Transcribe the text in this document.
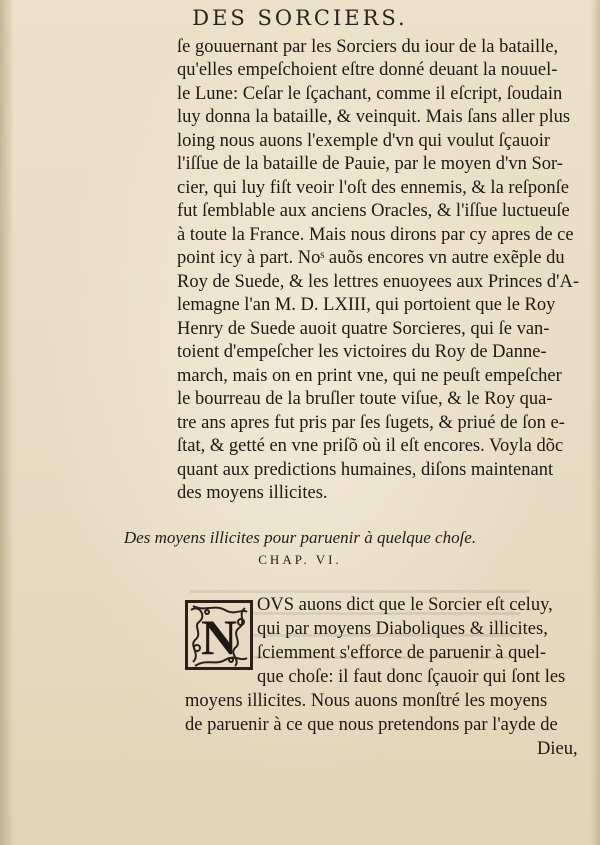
DES SORCIERS.
ſe gouuernant par les Sorciers du iour de la bataille,
qu'elles empeſchoient eſtre donné deuant la nouuel-
le Lune: Ceſar le ſçachant, comme il eſcript, ſoudain
luy donna la bataille, & veinquit. Mais ſans aller plus
loing nous auons l'exemple d'vn qui voulut ſçauoir
l'iſſue de la bataille de Pauie, par le moyen d'vn Sor-
cier, qui luy fiſt veoir l'oſt des ennemis, & la reſponſe
fut ſemblable aux anciens Oracles, & l'iſſue luctueuſe
à toute la France. Mais nous dirons par cy apres de ce
point icy à part. Noˢ auõs encores vn autre exẽple du
Roy de Suede, & les lettres enuoyees aux Princes d'A-
lemagne l'an M. D. LXIII, qui portoient que le Roy
Henry de Suede auoit quatre Sorcieres, qui ſe van-
toient d'empeſcher les victoires du Roy de Danne-
march, mais on en print vne, qui ne peuſt empeſcher
le bourreau de la bruſler toute viſue, & le Roy qua-
tre ans apres fut pris par ſes ſugets, & priué de ſon e-
ſtat, & getté en vne priſõ où il eſt encores. Voyla dõc
quant aux predictions humaines, diſons maintenant
des moyens illicites.
Des moyens illicites pour paruenir à quelque choſe.
CHAP. VI.
N
OVS auons dict que le Sorcier eſt celuy,
qui par moyens Diaboliques & illicites,
ſciemment s'efforce de paruenir à quel-
que choſe: il faut donc ſçauoir qui ſont les
moyens illicites. Nous auons monſtré les moyens
de paruenir à ce que nous pretendons par l'ayde de
Dieu,
